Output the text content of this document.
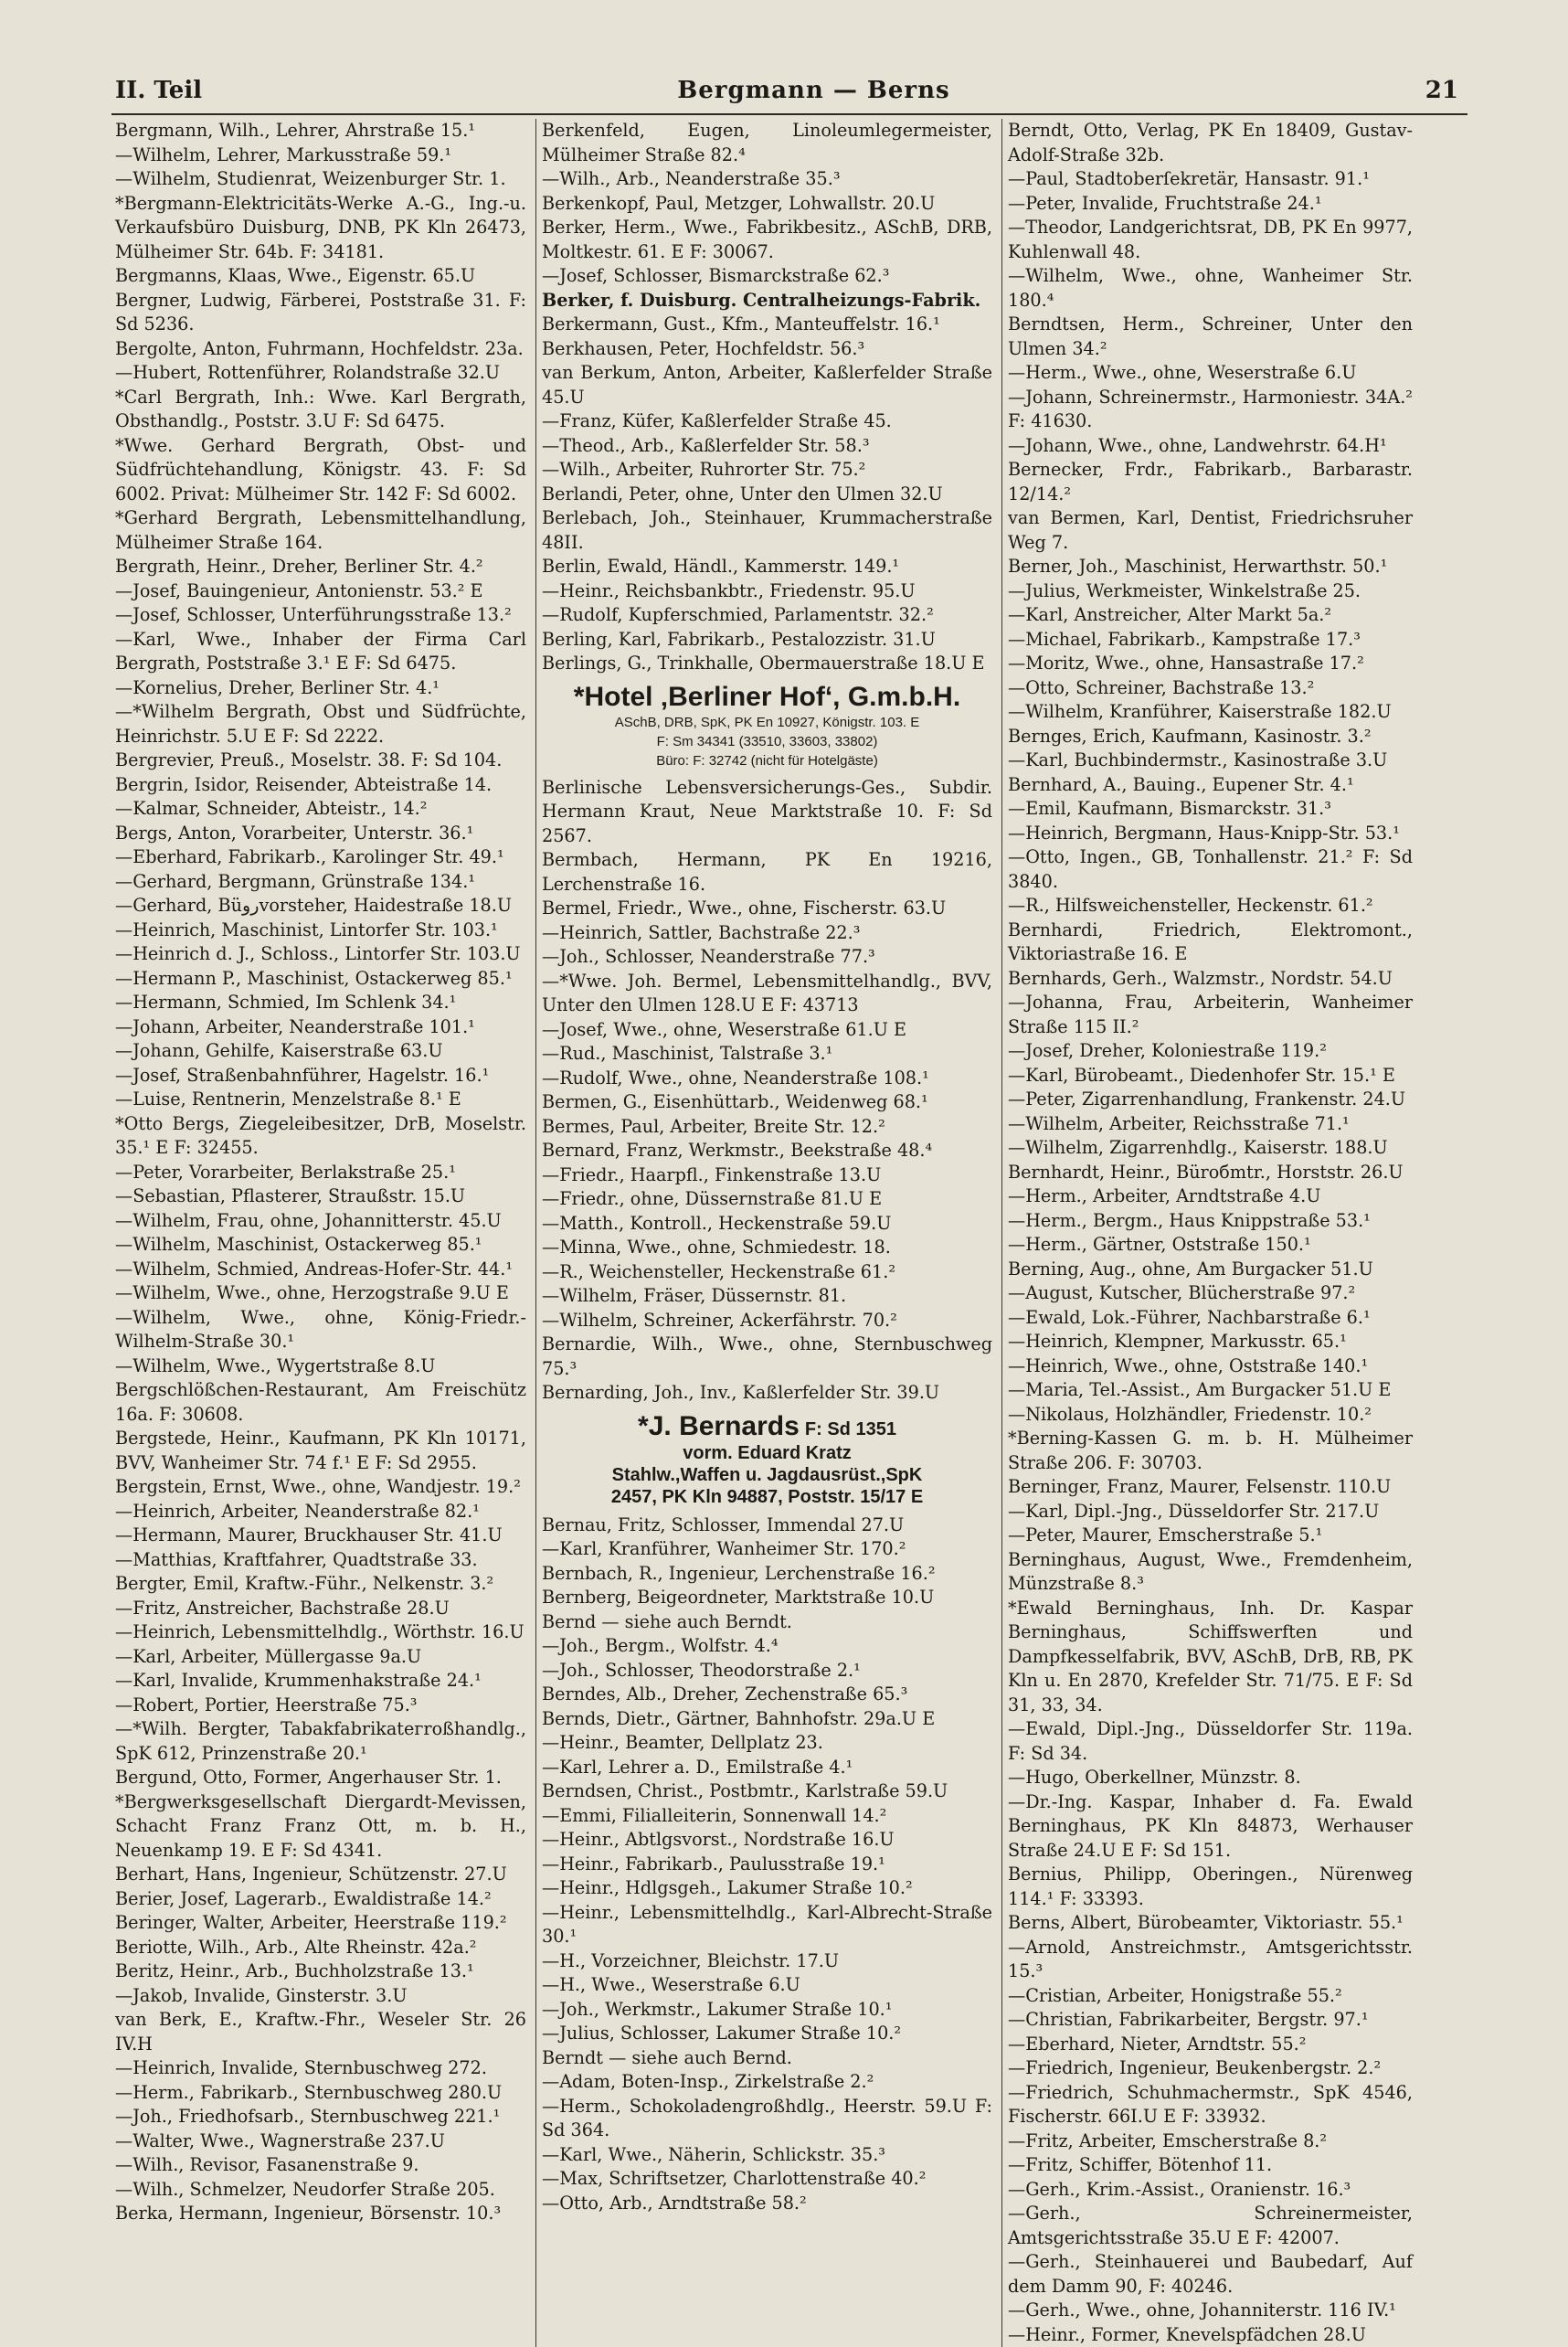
II. Teil	Bergmann — Berns	21
Bergmann, Wilh., Lehrer, Ahrstraße 15.¹
—Wilhelm, Lehrer, Markusstraße 59.¹
—Wilhelm, Studienrat, Weizenburger Str. 1.
*Bergmann-Elektricitäts-Werke A.-G., Ing.-u. Verkaufsbüro Duisburg, DNB, PK Kln 26473, Mülheimer Str. 64b. F: 34181.
Bergmanns, Klaas, Wwe., Eigenstr. 65.U
Bergner, Ludwig, Färberei, Poststraße 31. F: Sd 5236.
Bergolte, Anton, Fuhrmann, Hochfeldstr. 23a.
—Hubert, Rottenführer, Rolandstraße 32.U
*Carl Bergrath, Inh.: Wwe. Karl Bergrath, Obsthandlg., Poststr. 3.U F: Sd 6475.
*Wwe. Gerhard Bergrath, Obst- und Südfrüchtehandlung, Königstr. 43. F: Sd 6002. Privat: Mülheimer Str. 142 F: Sd 6002.
*Gerhard Bergrath, Lebensmittelhandlung, Mülheimer Straße 164.
Bergrath, Heinr., Dreher, Berliner Str. 4.²
—Josef, Bauingenieur, Antonienstr. 53.² E
—Josef, Schlosser, Unterführungsstraße 13.²
—Karl, Wwe., Inhaber der Firma Carl Bergrath, Poststraße 3.¹ E F: Sd 6475.
—Kornelius, Dreher, Berliner Str. 4.¹
—*Wilhelm Bergrath, Obst und Südfrüchte, Heinrichstr. 5.U E F: Sd 2222.
Bergrevier, Preuß., Moselstr. 38. F: Sd 104.
Bergrin, Isidor, Reisender, Abteistraße 14.
—Kalmar, Schneider, Abteistr., 14.²
Bergs, Anton, Vorarbeiter, Unterstr. 36.¹
—Eberhard, Fabrikarb., Karolinger Str. 49.¹
—Gerhard, Bergmann, Grünstraße 134.¹
—Gerhard, Büروvorsteher, Haidestraße 18.U
—Heinrich, Maschinist, Lintorfer Str. 103.¹
—Heinrich d. J., Schloss., Lintorfer Str. 103.U
—Hermann P., Maschinist, Ostackerweg 85.¹
—Hermann, Schmied, Im Schlenk 34.¹
—Johann, Arbeiter, Neanderstraße 101.¹
—Johann, Gehilfe, Kaiserstraße 63.U
—Josef, Straßenbahnführer, Hagelstr. 16.¹
—Luise, Rentnerin, Menzelstraße 8.¹ E
*Otto Bergs, Ziegeleibesitzer, DrB, Moselstr. 35.¹ E F: 32455.
—Peter, Vorarbeiter, Berlakstraße 25.¹
—Sebastian, Pflasterer, Straußstr. 15.U
—Wilhelm, Frau, ohne, Johannitterstr. 45.U
—Wilhelm, Maschinist, Ostackerweg 85.¹
—Wilhelm, Schmied, Andreas-Hofer-Str. 44.¹
—Wilhelm, Wwe., ohne, Herzogstraße 9.U E
—Wilhelm, Wwe., ohne, König-Friedr.-Wilhelm-Straße 30.¹
—Wilhelm, Wwe., Wygertstraße 8.U
Bergschlößchen-Restaurant, Am Freischütz 16a. F: 30608.
Bergstede, Heinr., Kaufmann, PK Kln 10171, BVV, Wanheimer Str. 74 f.¹ E F: Sd 2955.
Bergstein, Ernst, Wwe., ohne, Wandjestr. 19.²
—Heinrich, Arbeiter, Neanderstraße 82.¹
—Hermann, Maurer, Bruckhauser Str. 41.U
—Matthias, Kraftfahrer, Quadtstraße 33.
Bergter, Emil, Kraftw.-Führ., Nelkenstr. 3.²
—Fritz, Anstreicher, Bachstraße 28.U
—Heinrich, Lebensmittelhdlg., Wörthstr. 16.U
—Karl, Arbeiter, Müllergasse 9a.U
—Karl, Invalide, Krummenhakstraße 24.¹
—Robert, Portier, Heerstraße 75.³
—*Wilh. Bergter, Tabakfabrikatегroßhandlg., SpK 612, Prinzenstraße 20.¹
Bergund, Otto, Former, Angerhauser Str. 1.
*Bergwerksgesellschaft Diergardt-Mevissen, Schacht Franz Franz Ott, m. b. H., Neuenkamp 19. E F: Sd 4341.
Berhart, Hans, Ingenieur, Schützenstr. 27.U
Berier, Josef, Lagerarb., Ewaldistraße 14.²
Beringer, Walter, Arbeiter, Heerstraße 119.²
Beriotte, Wilh., Arb., Alte Rheinstr. 42a.²
Beritz, Heinr., Arb., Buchholzstraße 13.¹
—Jakob, Invalide, Ginsterstr. 3.U
van Berk, E., Kraftw.-Fhr., Weseler Str. 26 IV.H
—Heinrich, Invalide, Sternbuschweg 272.
—Herm., Fabrikarb., Sternbuschweg 280.U
—Joh., Friedhofsarb., Sternbuschweg 221.¹
—Walter, Wwe., Wagnerstraße 237.U
—Wilh., Revisor, Fasanenstraße 9.
—Wilh., Schmelzer, Neudorfer Straße 205.
Berka, Hermann, Ingenieur, Börsenstr. 10.³
Berkenfeld, Eugen, Linoleumlegermeister, Mülheimer Straße 82.⁴
—Wilh., Arb., Neanderstraße 35.³
Berkenkopf, Paul, Metzger, Lohwallstr. 20.U
Berker, Herm., Wwe., Fabrikbesitz., ASchB, DRB, Moltkestr. 61. E F: 30067.
—Josef, Schlosser, Bismarckstraße 62.³
Berker, f. Duisburg. Centralheizungs-Fabrik.
Berkermann, Gust., Kfm., Manteuffelstr. 16.¹
Berkhausen, Peter, Hochfeldstr. 56.³
van Berkum, Anton, Arbeiter, Kaßlerfelder Straße 45.U
—Franz, Küfer, Kaßlerfelder Straße 45.
—Theod., Arb., Kaßlerfelder Str. 58.³
—Wilh., Arbeiter, Ruhrorter Str. 75.²
Berlandi, Peter, ohne, Unter den Ulmen 32.U
Berlebach, Joh., Steinhauer, Krummacherstraße 48II.
Berlin, Ewald, Händl., Kammerstr. 149.¹
—Heinr., Reichsbankbtr., Friedenstr. 95.U
—Rudolf, Kupferschmied, Parlamentstr. 32.²
Berling, Karl, Fabrikarb., Pestalozzistr. 31.U
Berlings, G., Trinkhalle, Obermauerstraße 18.U E
*Hotel ‚Berliner Hof‘, G.m.b.H.
ASchB, DRB, SpK, PK En 10927, Königstr. 103. E
F: Sm 34341 (33510, 33603, 33802)
Büro: F: 32742 (nicht für Hotelgäste)
Berlinische Lebensversicherungs-Ges., Subdir. Hermann Kraut, Neue Marktstraße 10. F: Sd 2567.
Bermbach, Hermann, PK En 19216, Lerchenstraße 16.
Bermel, Friedr., Wwe., ohne, Fischerstr. 63.U
—Heinrich, Sattler, Bachstraße 22.³
—Joh., Schlosser, Neanderstraße 77.³
—*Wwe. Joh. Bermel, Lebensmittelhandlg., BVV, Unter den Ulmen 128.U E F: 43713
—Josef, Wwe., ohne, Weserstraße 61.U E
—Rud., Maschinist, Talstraße 3.¹
—Rudolf, Wwe., ohne, Neanderstraße 108.¹
Bermen, G., Eisenhüttarb., Weidenweg 68.¹
Bermes, Paul, Arbeiter, Breite Str. 12.²
Bernard, Franz, Werkmstr., Beekstraße 48.⁴
—Friedr., Haarpfl., Finkenstraße 13.U
—Friedr., ohne, Düssernstraße 81.U E
—Matth., Kontroll., Heckenstraße 59.U
—Minna, Wwe., ohne, Schmiedestr. 18.
—R., Weichensteller, Heckenstraße 61.²
—Wilhelm, Fräser, Düssernstr. 81.
—Wilhelm, Schreiner, Ackerfährstr. 70.²
Bernardie, Wilh., Wwe., ohne, Sternbuschweg 75.³
Bernarding, Joh., Inv., Kaßlerfelder Str. 39.U
*J. Bernards F: Sd 1351
vorm. Eduard Kratz
Stahlw.,Waffen u. Jagdausrüst.,SpK
2457, PK Kln 94887, Poststr. 15/17 E
Bernau, Fritz, Schlosser, Immendal 27.U
—Karl, Kranführer, Wanheimer Str. 170.²
Bernbach, R., Ingenieur, Lerchenstraße 16.²
Bernberg, Beigeordneter, Marktstraße 10.U
Bernd — siehe auch Berndt.
—Joh., Bergm., Wolfstr. 4.⁴
—Joh., Schlosser, Theodorstraße 2.¹
Berndes, Alb., Dreher, Zechenstraße 65.³
Bernds, Dietr., Gärtner, Bahnhofstr. 29a.U E
—Heinr., Beamter, Dellplatz 23.
—Karl, Lehrer a. D., Emilstraße 4.¹
Berndsen, Christ., Postbmtr., Karlstraße 59.U
—Emmi, Filialleiterin, Sonnenwall 14.²
—Heinr., Abtlgsvorst., Nordstraße 16.U
—Heinr., Fabrikarb., Paulusstraße 19.¹
—Heinr., Hdlgsgeh., Lakumer Straße 10.²
—Heinr., Lebensmittelhdlg., Karl-Albrecht-Straße 30.¹
—H., Vorzeichner, Bleichstr. 17.U
—H., Wwe., Weserstraße 6.U
—Joh., Werkmstr., Lakumer Straße 10.¹
—Julius, Schlosser, Lakumer Straße 10.²
Berndt — siehe auch Bernd.
—Adam, Boten-Insp., Zirkelstraße 2.²
—Herm., Schokoladengroßhdlg., Heerstr. 59.U F: Sd 364.
—Karl, Wwe., Näherin, Schlickstr. 35.³
—Max, Schriftsetzer, Charlottenstraße 40.²
—Otto, Arb., Arndtstraße 58.²
Berndt, Otto, Verlag, PK En 18409, Gustav-Adolf-Straße 32b.
—Paul, Stadtoberſekretär, Hansastr. 91.¹
—Peter, Invalide, Fruchtstraße 24.¹
—Theodor, Landgerichtsrat, DB, PK En 9977, Kuhlenwall 48.
—Wilhelm, Wwe., ohne, Wanheimer Str. 180.⁴
Berndtsen, Herm., Schreiner, Unter den Ulmen 34.²
—Herm., Wwe., ohne, Weserstraße 6.U
—Johann, Schreinermstr., Harmoniestr. 34A.² F: 41630.
—Johann, Wwe., ohne, Landwehrstr. 64.H¹
Bernecker, Frdr., Fabrikarb., Barbarastr. 12/14.²
van Bermen, Karl, Dentist, Friedrichsruher Weg 7.
Berner, Joh., Maschinist, Herwarthstr. 50.¹
—Julius, Werkmeister, Winkelstraße 25.
—Karl, Anstreicher, Alter Markt 5a.²
—Michael, Fabrikarb., Kampstraße 17.³
—Moritz, Wwe., ohne, Hansastraße 17.²
—Otto, Schreiner, Bachstraße 13.²
—Wilhelm, Kranführer, Kaiserstraße 182.U
Bernges, Erich, Kaufmann, Kasinostr. 3.²
—Karl, Buchbindermstr., Kasinostraße 3.U
Bernhard, A., Bauing., Eupener Str. 4.¹
—Emil, Kaufmann, Bismarckstr. 31.³
—Heinrich, Bergmann, Haus-Knipp-Str. 53.¹
—Otto, Ingen., GB, Tonhallenstr. 21.² F: Sd 3840.
—R., Hilfsweichensteller, Heckenstr. 61.²
Bernhardi, Friedrich, Elektromont., Viktoriastraße 16. E
Bernhards, Gerh., Walzmstr., Nordstr. 54.U
—Johanna, Frau, Arbeiterin, Wanheimer Straße 115 II.²
—Josef, Dreher, Koloniestraße 119.²
—Karl, Bürobeamt., Diedenhofer Str. 15.¹ E
—Peter, Zigarrenhandlung, Frankenstr. 24.U
—Wilhelm, Arbeiter, Reichsstraße 71.¹
—Wilhelm, Zigarrenhdlg., Kaiserstr. 188.U
Bernhardt, Heinr., Büroбmtr., Horststr. 26.U
—Herm., Arbeiter, Arndtstraße 4.U
—Herm., Bergm., Haus Knippstraße 53.¹
—Herm., Gärtner, Oststraße 150.¹
Berning, Aug., ohne, Am Burgacker 51.U
—August, Kutscher, Blücherstraße 97.²
—Ewald, Lok.-Führer, Nachbarstraße 6.¹
—Heinrich, Klempner, Markusstr. 65.¹
—Heinrich, Wwe., ohne, Oststraße 140.¹
—Maria, Tel.-Assist., Am Burgacker 51.U E
—Nikolaus, Holzhändler, Friedenstr. 10.²
*Berning-Kassen G. m. b. H. Mülheimer Straße 206. F: 30703.
Berninger, Franz, Maurer, Felsenstr. 110.U
—Karl, Dipl.-Jng., Düsseldorfer Str. 217.U
—Peter, Maurer, Emscherstraße 5.¹
Berninghaus, August, Wwe., Fremdenheim, Münzstraße 8.³
*Ewald Berninghaus, Inh. Dr. Kaspar Berninghaus, Schiffswerften und Dampfkesselfabrik, BVV, ASchB, DrB, RB, PK Kln u. En 2870, Krefelder Str. 71/75. E F: Sd 31, 33, 34.
—Ewald, Dipl.-Jng., Düsseldorfer Str. 119a. F: Sd 34.
—Hugo, Oberkellner, Münzstr. 8.
—Dr.-Ing. Kaspar, Inhaber d. Fa. Ewald Berninghaus, PK Kln 84873, Werhauser Straße 24.U E F: Sd 151.
Bernius, Philipp, Oberingen., Nürenweg 114.¹ F: 33393.
Berns, Albert, Bürobeamter, Viktoriastr. 55.¹
—Arnold, Anstreichmstr., Amtsgerichtsstr. 15.³
—Cristian, Arbeiter, Honigstraße 55.²
—Christian, Fabrikarbeiter, Bergstr. 97.¹
—Eberhard, Nieter, Arndtstr. 55.²
—Friedrich, Ingenieur, Beukenbergstr. 2.²
—Friedrich, Schuhmachermstr., SpK 4546, Fischerstr. 66I.U E F: 33932.
—Fritz, Arbeiter, Emscherstraße 8.²
—Fritz, Schiffer, Bötenhof 11.
—Gerh., Krim.-Assist., Oranienstr. 16.³
—Gerh., Schreinermeister, Amtsgerichtsstraße 35.U E F: 42007.
—Gerh., Steinhauerei und Baubedarf, Auf dem Damm 90, F: 40246.
—Gerh., Wwe., ohne, Johanniterstr. 116 IV.¹
—Heinr., Former, Knevelspfädchen 28.U
